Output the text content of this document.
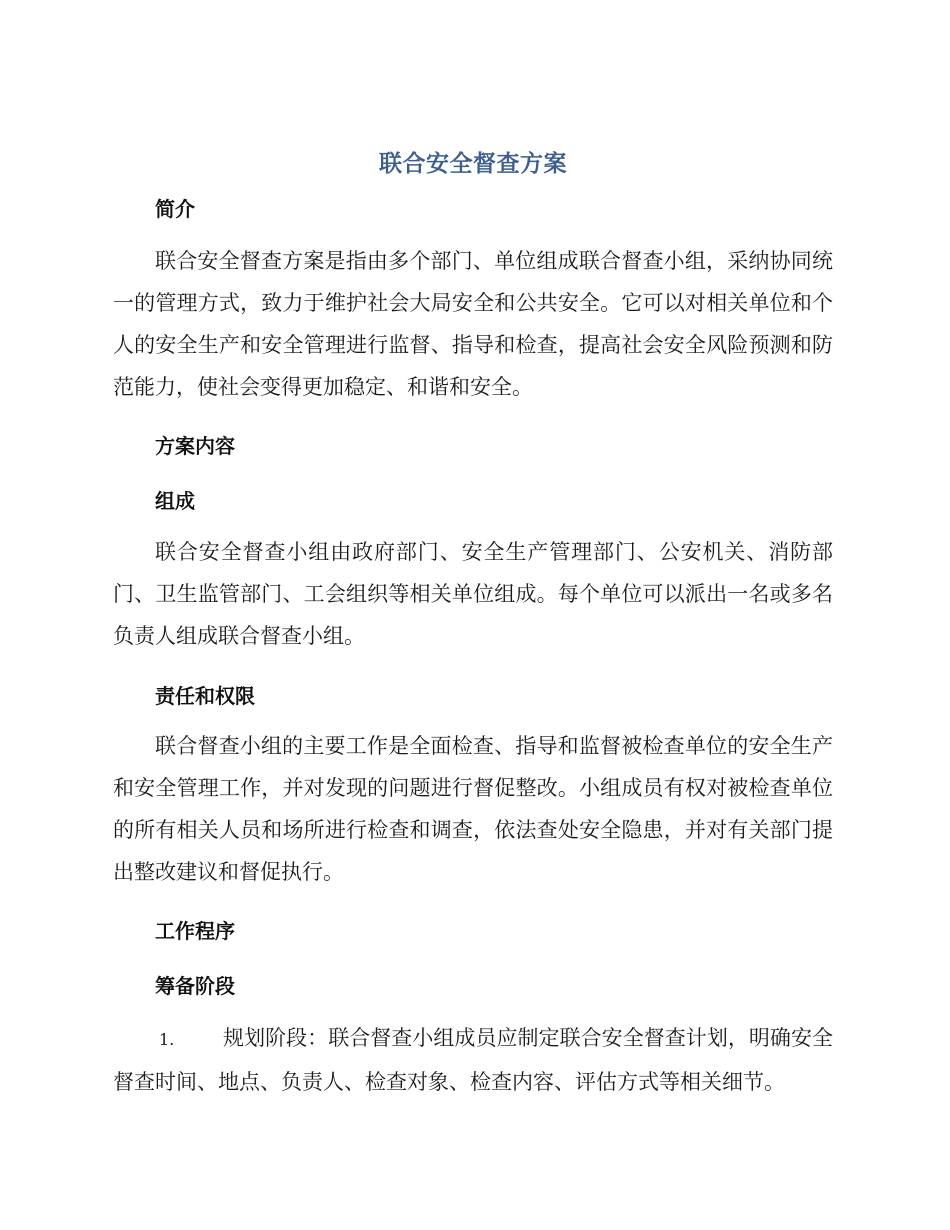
联合安全督查方案
简介
联合安全督查方案是指由多个部门、单位组成联合督查小组，采纳协同统一的管理方式，致力于维护社会大局安全和公共安全。它可以对相关单位和个人的安全生产和安全管理进行监督、指导和检查，提高社会安全风险预测和防范能力，使社会变得更加稳定、和谐和安全。
方案内容
组成
联合安全督查小组由政府部门、安全生产管理部门、公安机关、消防部门、卫生监管部门、工会组织等相关单位组成。每个单位可以派出一名或多名负责人组成联合督查小组。
责任和权限
联合督查小组的主要工作是全面检查、指导和监督被检查单位的安全生产和安全管理工作，并对发现的问题进行督促整改。小组成员有权对被检查单位的所有相关人员和场所进行检查和调查，依法查处安全隐患，并对有关部门提出整改建议和督促执行。
工作程序
筹备阶段
1. 规划阶段：联合督查小组成员应制定联合安全督查计划，明确安全督查时间、地点、负责人、检查对象、检查内容、评估方式等相关细节。
